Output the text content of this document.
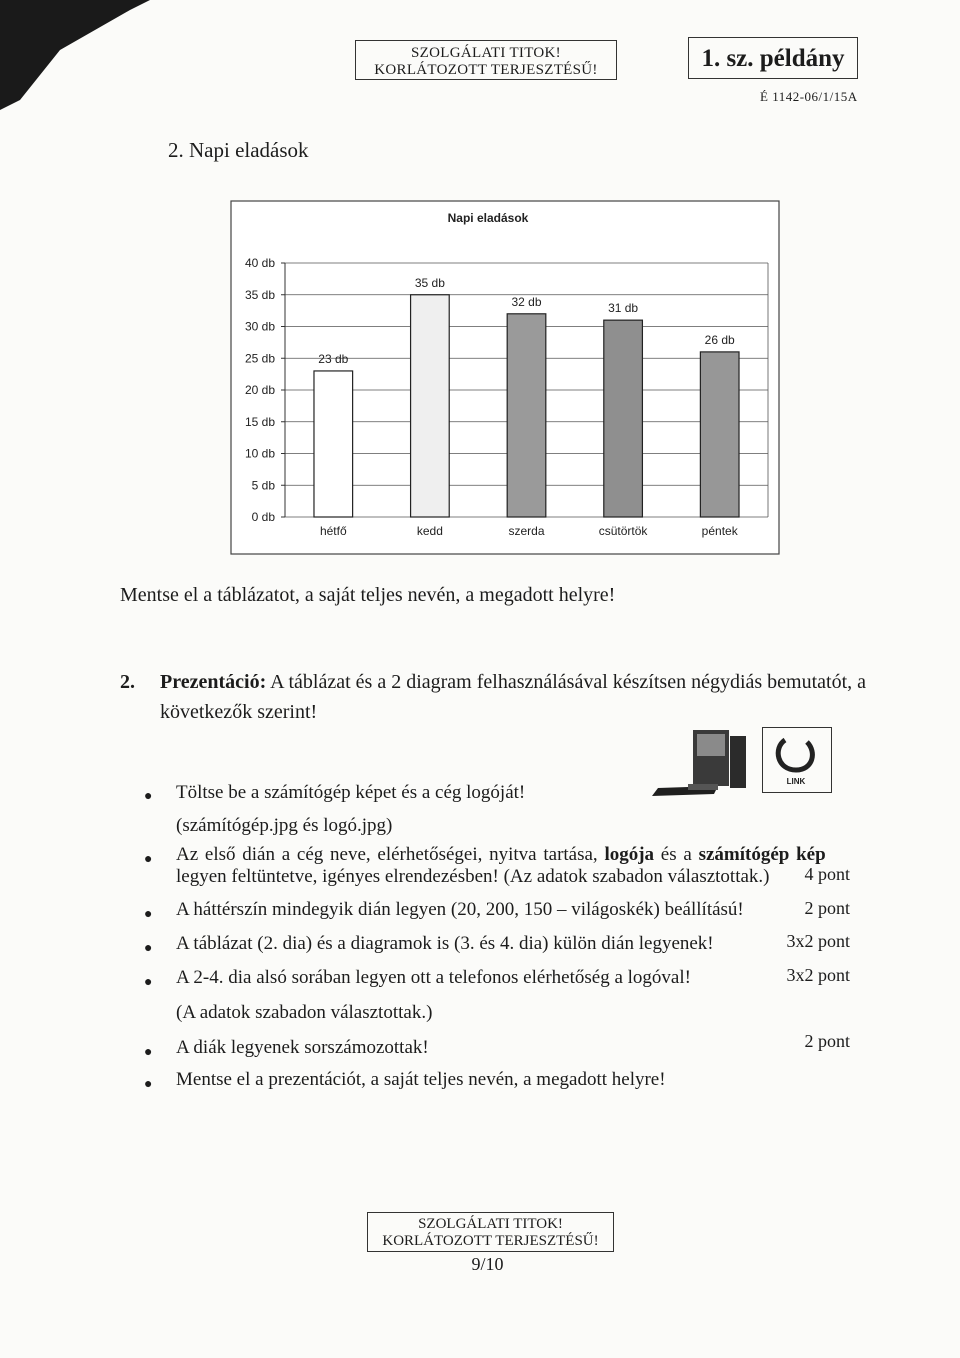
SZOLGÁLATI TITOK!
KORLÁTOZOTT TERJESZTÉSŰ!	1. sz. példány
É 1142-06/1/15A
2. Napi eladások
Napi eladások
0 db
5 db
10 db
15 db
20 db
25 db
30 db
35 db
40 db
23 db
35 db
32 db	31 db
26 db
hétfő	kedd	szerda	csütörtök	péntek
Mentse el a táblázatot, a saját teljes nevén, a megadott helyre!
2. Prezentáció: A táblázat és a 2 diagram felhasználásával készítsen négydiás bemutatót, a
következők szerint!
LINK
● Töltse be a számítógép képet és a cég logóját!
(számítógép.jpg és logó.jpg)
● Az első dián a cég neve, elérhetőségei, nyitva tartása, logója és a számítógép kép
legyen feltüntetve, igényes elrendezésben! (Az adatok szabadon választottak.) 4 pont
● A háttérszín mindegyik dián legyen (20, 200, 150 – világoskék) beállítású!	2 pont
● A táblázat (2. dia) és a diagramok is (3. és 4. dia) külön dián legyenek!	3x2 pont
● A 2-4. dia alsó sorában legyen ott a telefonos elérhetőség a logóval!	3x2 pont
(A adatok szabadon választottak.)
● A diák legyenek sorszámozottak!	2 pont
● Mentse el a prezentációt, a saját teljes nevén, a megadott helyre!
SZOLGÁLATI TITOK!
KORLÁTOZOTT TERJESZTÉSŰ!
9/10
